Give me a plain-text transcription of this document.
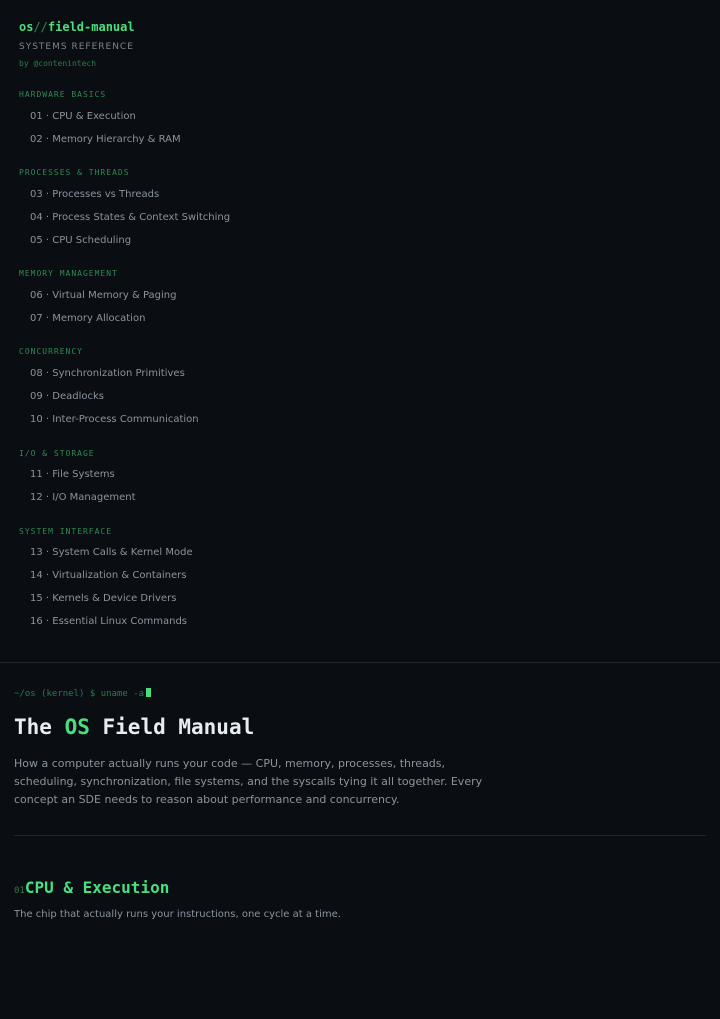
os//field-manual
SYSTEMS REFERENCE
by @contenintech
HARDWARE BASICS
01 · CPU & Execution
02 · Memory Hierarchy & RAM
PROCESSES & THREADS
03 · Processes vs Threads
04 · Process States & Context Switching
05 · CPU Scheduling
MEMORY MANAGEMENT
06 · Virtual Memory & Paging
07 · Memory Allocation
CONCURRENCY
08 · Synchronization Primitives
09 · Deadlocks
10 · Inter-Process Communication
I/O & STORAGE
11 · File Systems
12 · I/O Management
SYSTEM INTERFACE
13 · System Calls & Kernel Mode
14 · Virtualization & Containers
15 · Kernels & Device Drivers
16 · Essential Linux Commands
~/os (kernel) $ uname -a
The OS Field Manual

How a computer actually runs your code — CPU, memory, processes, threads, scheduling, synchronization, file systems, and the syscalls tying it all together. Every concept an SDE needs to reason about performance and concurrency.

01CPU & Execution
The chip that actually runs your instructions, one cycle at a time.
